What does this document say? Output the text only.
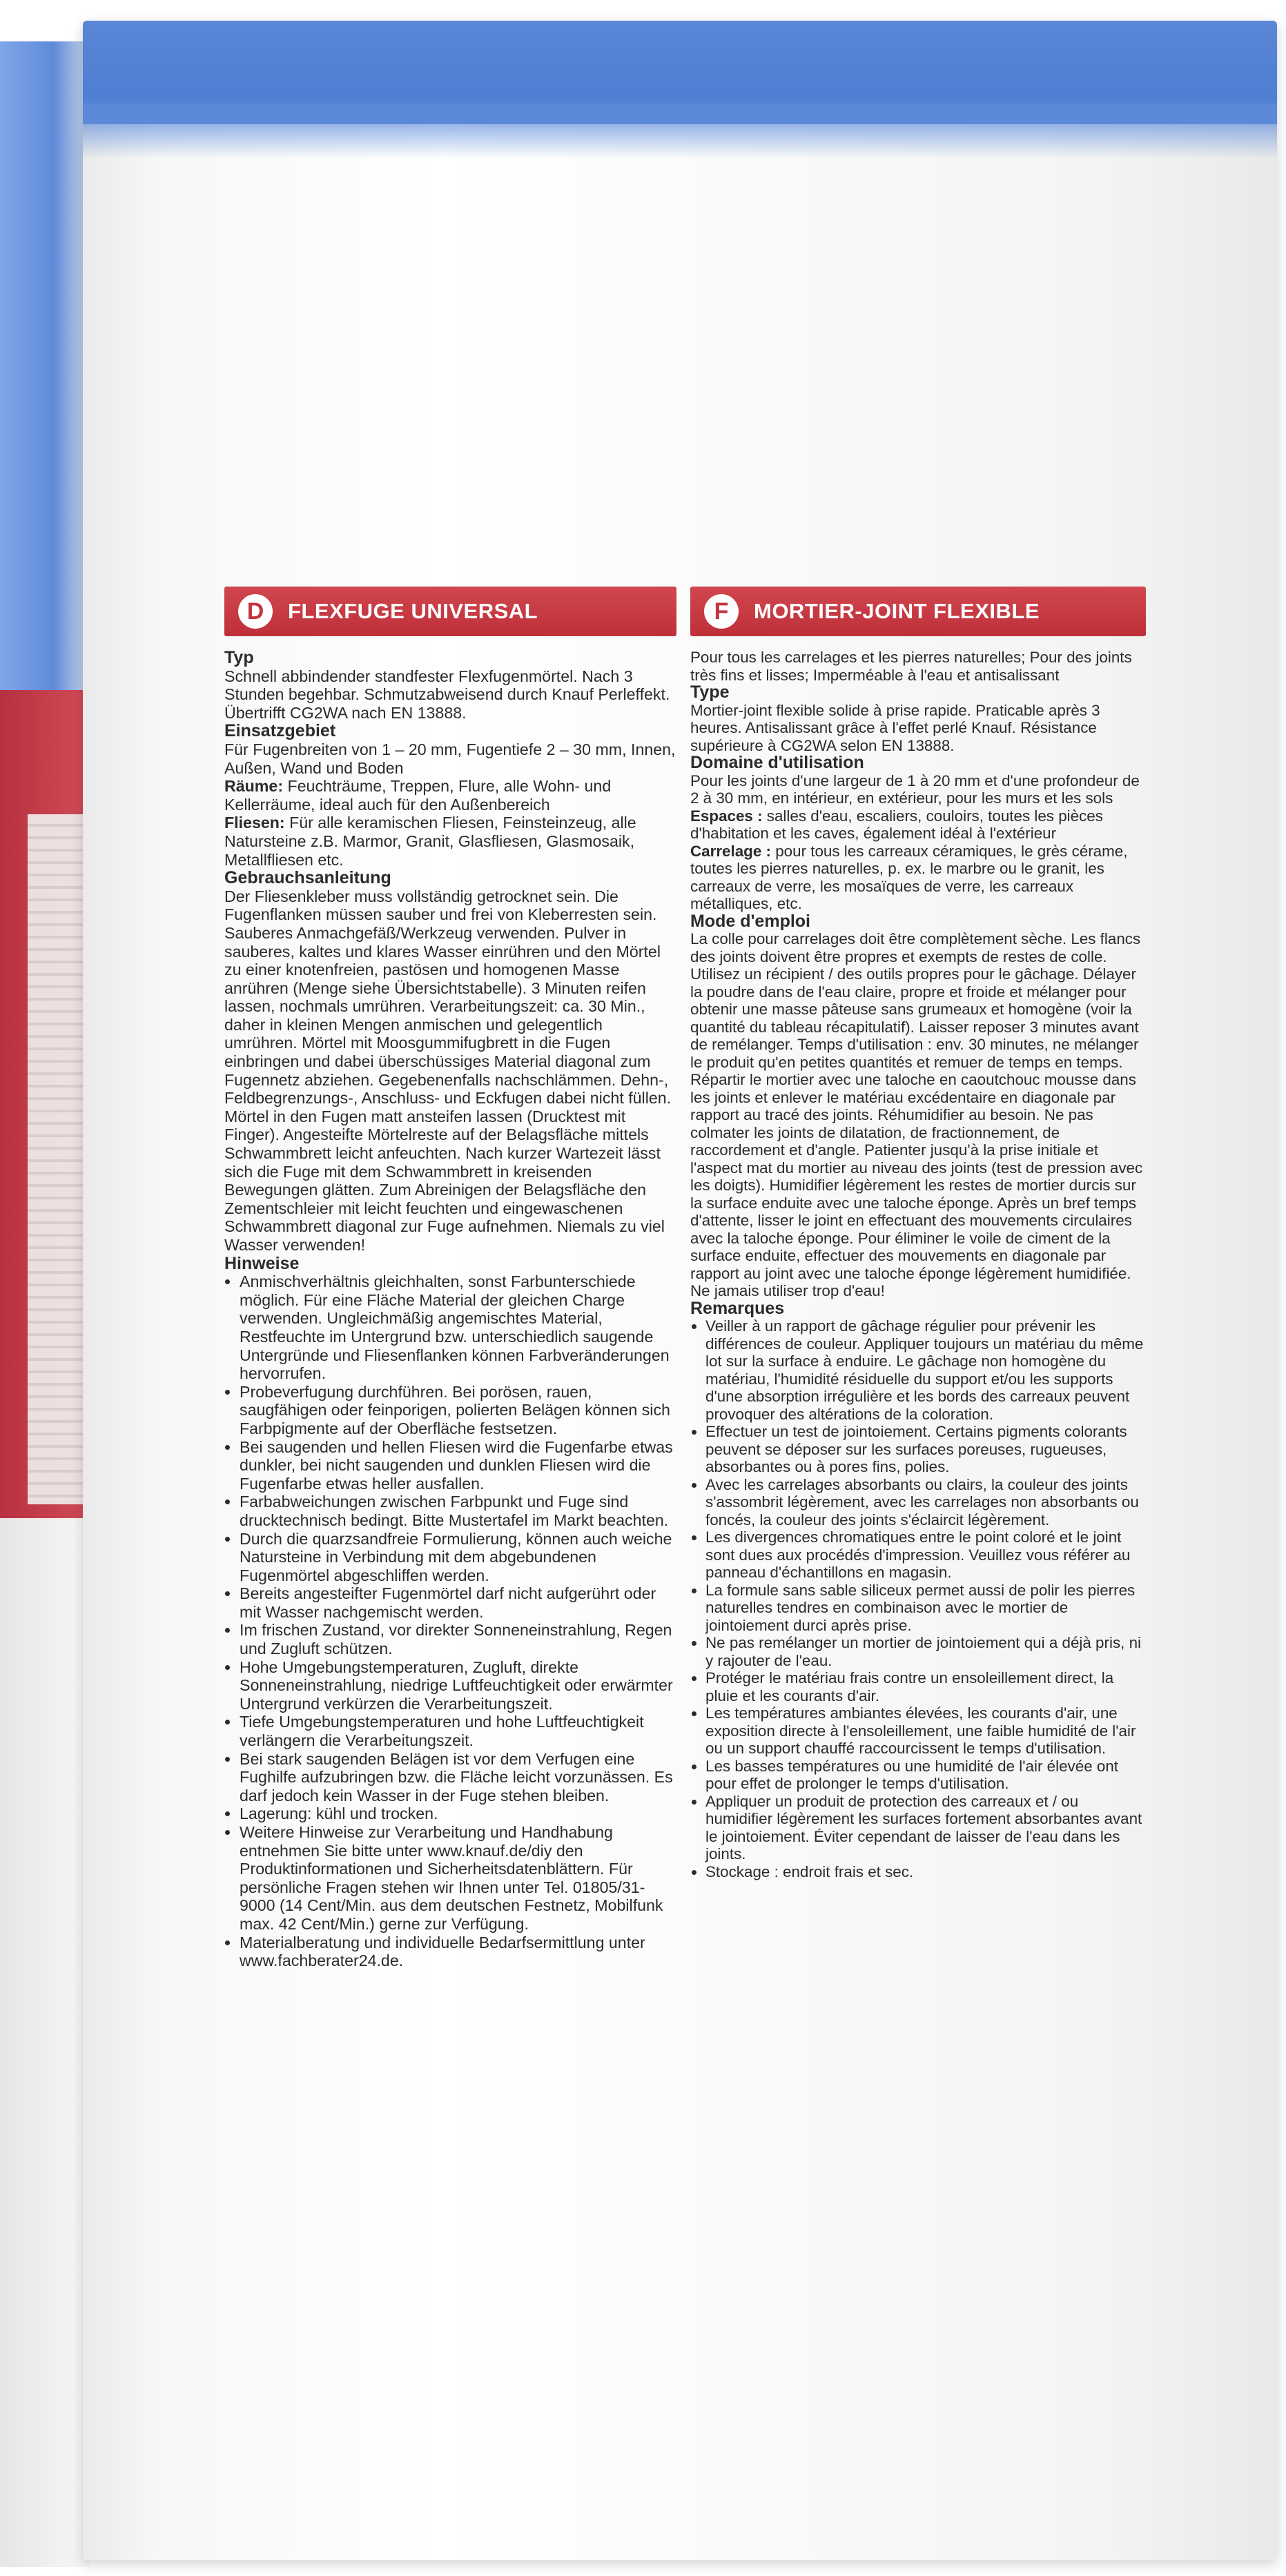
D	FLEXFUGE UNIVERSAL
Typ

Schnell abbindender standfester Flexfugenmörtel. Nach 3 Stunden begehbar. Schmutzabweisend durch Knauf Perleffekt. Übertrifft CG2WA nach EN 13888.

Einsatzgebiet

Für Fugenbreiten von 1 – 20 mm, Fugentiefe 2 – 30 mm, Innen, Außen, Wand und Boden

Räume: Feuchträume, Treppen, Flure, alle Wohn- und Kellerräume, ideal auch für den Außenbereich

Fliesen: Für alle keramischen Fliesen, Feinsteinzeug, alle Natursteine z.B. Marmor, Granit, Glasfliesen, Glasmosaik, Metallfliesen etc.

Gebrauchsanleitung

Der Fliesenkleber muss vollständig getrocknet sein. Die Fugenflanken müssen sauber und frei von Kleberresten sein. Sauberes Anmachgefäß/Werkzeug verwenden. Pulver in sauberes, kaltes und klares Wasser einrühren und den Mörtel zu einer knotenfreien, pastösen und homogenen Masse anrühren (Menge siehe Übersichtstabelle). 3 Minuten reifen lassen, nochmals umrühren. Verarbeitungszeit: ca. 30 Min., daher in kleinen Mengen anmischen und gelegentlich umrühren. Mörtel mit Moosgummifugbrett in die Fugen einbringen und dabei überschüssiges Material diagonal zum Fugennetz abziehen. Gegebenenfalls nachschlämmen. Dehn-, Feldbegrenzungs-, Anschluss- und Eckfugen dabei nicht füllen. Mörtel in den Fugen matt ansteifen lassen (Drucktest mit Finger). Angesteifte Mörtelreste auf der Belagsfläche mittels Schwammbrett leicht anfeuchten. Nach kurzer Wartezeit lässt sich die Fuge mit dem Schwammbrett in kreisenden Bewegungen glätten. Zum Abreinigen der Belagsfläche den Zementschleier mit leicht feuchten und eingewaschenen Schwammbrett diagonal zur Fuge aufnehmen. Niemals zu viel Wasser verwenden!

Hinweise
• Anmischverhältnis gleichhalten, sonst Farbunterschiede möglich. Für eine Fläche Material der gleichen Charge verwenden. Ungleichmäßig angemischtes Material, Restfeuchte im Untergrund bzw. unterschiedlich saugende Untergründe und Fliesenflanken können Farbveränderungen hervorrufen.
• Probeverfugung durchführen. Bei porösen, rauen, saugfähigen oder feinporigen, polierten Belägen können sich Farbpigmente auf der Oberfläche festsetzen.
• Bei saugenden und hellen Fliesen wird die Fugenfarbe etwas dunkler, bei nicht saugenden und dunklen Fliesen wird die Fugenfarbe etwas heller ausfallen.
• Farbabweichungen zwischen Farbpunkt und Fuge sind drucktechnisch bedingt. Bitte Mustertafel im Markt beachten.
• Durch die quarzsandfreie Formulierung, können auch weiche Natursteine in Verbindung mit dem abgebundenen Fugenmörtel abgeschliffen werden.
• Bereits angesteifter Fugenmörtel darf nicht aufgerührt oder mit Wasser nachgemischt werden.
• Im frischen Zustand, vor direkter Sonneneinstrahlung, Regen und Zugluft schützen.
• Hohe Umgebungstemperaturen, Zugluft, direkte Sonneneinstrahlung, niedrige Luftfeuchtigkeit oder erwärmter Untergrund verkürzen die Verarbeitungszeit.
• Tiefe Umgebungstemperaturen und hohe Luftfeuchtigkeit verlängern die Verarbeitungszeit.
• Bei stark saugenden Belägen ist vor dem Verfugen eine Fughilfe aufzubringen bzw. die Fläche leicht vorzunässen. Es darf jedoch kein Wasser in der Fuge stehen bleiben.
• Lagerung: kühl und trocken.
• Weitere Hinweise zur Verarbeitung und Handhabung entnehmen Sie bitte unter www.knauf.de/diy den Produktinformationen und Sicherheitsdatenblättern. Für persönliche Fragen stehen wir Ihnen unter Tel. 01805/31-9000 (14 Cent/Min. aus dem deutschen Festnetz, Mobilfunk max. 42 Cent/Min.) gerne zur Verfügung.
• Materialberatung und individuelle Bedarfsermittlung unter www.fachberater24.de.
F	MORTIER-JOINT FLEXIBLE

Pour tous les carrelages et les pierres naturelles; Pour des joints très fins et lisses; Imperméable à l'eau et antisalissant

Type

Mortier-joint flexible solide à prise rapide. Praticable après 3 heures. Antisalissant grâce à l'effet perlé Knauf. Résistance supérieure à CG2WA selon EN 13888.

Domaine d'utilisation

Pour les joints d'une largeur de 1 à 20 mm et d'une profondeur de 2 à 30 mm, en intérieur, en extérieur, pour les murs et les sols

Espaces : salles d'eau, escaliers, couloirs, toutes les pièces d'habitation et les caves, également idéal à l'extérieur

Carrelage : pour tous les carreaux céramiques, le grès cérame, toutes les pierres naturelles, p. ex. le marbre ou le granit, les carreaux de verre, les mosaïques de verre, les carreaux métalliques, etc.

Mode d'emploi

La colle pour carrelages doit être complètement sèche. Les flancs des joints doivent être propres et exempts de restes de colle. Utilisez un récipient / des outils propres pour le gâchage. Délayer la poudre dans de l'eau claire, propre et froide et mélanger pour obtenir une masse pâteuse sans grumeaux et homogène (voir la quantité du tableau récapitulatif). Laisser reposer 3 minutes avant de remélanger. Temps d'utilisation : env. 30 minutes, ne mélanger le produit qu'en petites quantités et remuer de temps en temps. Répartir le mortier avec une taloche en caoutchouc mousse dans les joints et enlever le matériau excédentaire en diagonale par rapport au tracé des joints. Réhumidifier au besoin. Ne pas colmater les joints de dilatation, de fractionnement, de raccordement et d'angle. Patienter jusqu'à la prise initiale et l'aspect mat du mortier au niveau des joints (test de pression avec les doigts). Humidifier légèrement les restes de mortier durcis sur la surface enduite avec une taloche éponge. Après un bref temps d'attente, lisser le joint en effectuant des mouvements circulaires avec la taloche éponge. Pour éliminer le voile de ciment de la surface enduite, effectuer des mouvements en diagonale par rapport au joint avec une taloche éponge légèrement humidifiée. Ne jamais utiliser trop d'eau!

Remarques
• Veiller à un rapport de gâchage régulier pour prévenir les différences de couleur. Appliquer toujours un matériau du même lot sur la surface à enduire. Le gâchage non homogène du matériau, l'humidité résiduelle du support et/ou les supports d'une absorption irrégulière et les bords des carreaux peuvent provoquer des altérations de la coloration.
• Effectuer un test de jointoiement. Certains pigments colorants peuvent se déposer sur les surfaces poreuses, rugueuses, absorbantes ou à pores fins, polies.
• Avec les carrelages absorbants ou clairs, la couleur des joints s'assombrit légèrement, avec les carrelages non absorbants ou foncés, la couleur des joints s'éclaircit légèrement.
• Les divergences chromatiques entre le point coloré et le joint sont dues aux procédés d'impression. Veuillez vous référer au panneau d'échantillons en magasin.
• La formule sans sable siliceux permet aussi de polir les pierres naturelles tendres en combinaison avec le mortier de jointoiement durci après prise.
• Ne pas remélanger un mortier de jointoiement qui a déjà pris, ni y rajouter de l'eau.
• Protéger le matériau frais contre un ensoleillement direct, la pluie et les courants d'air.
• Les températures ambiantes élevées, les courants d'air, une exposition directe à l'ensoleillement, une faible humidité de l'air ou un support chauffé raccourcissent le temps d'utilisation.
• Les basses températures ou une humidité de l'air élevée ont pour effet de prolonger le temps d'utilisation.
• Appliquer un produit de protection des carreaux et / ou humidifier légèrement les surfaces fortement absorbantes avant le jointoiement. Éviter cependant de laisser de l'eau dans les joints.
• Stockage : endroit frais et sec.
